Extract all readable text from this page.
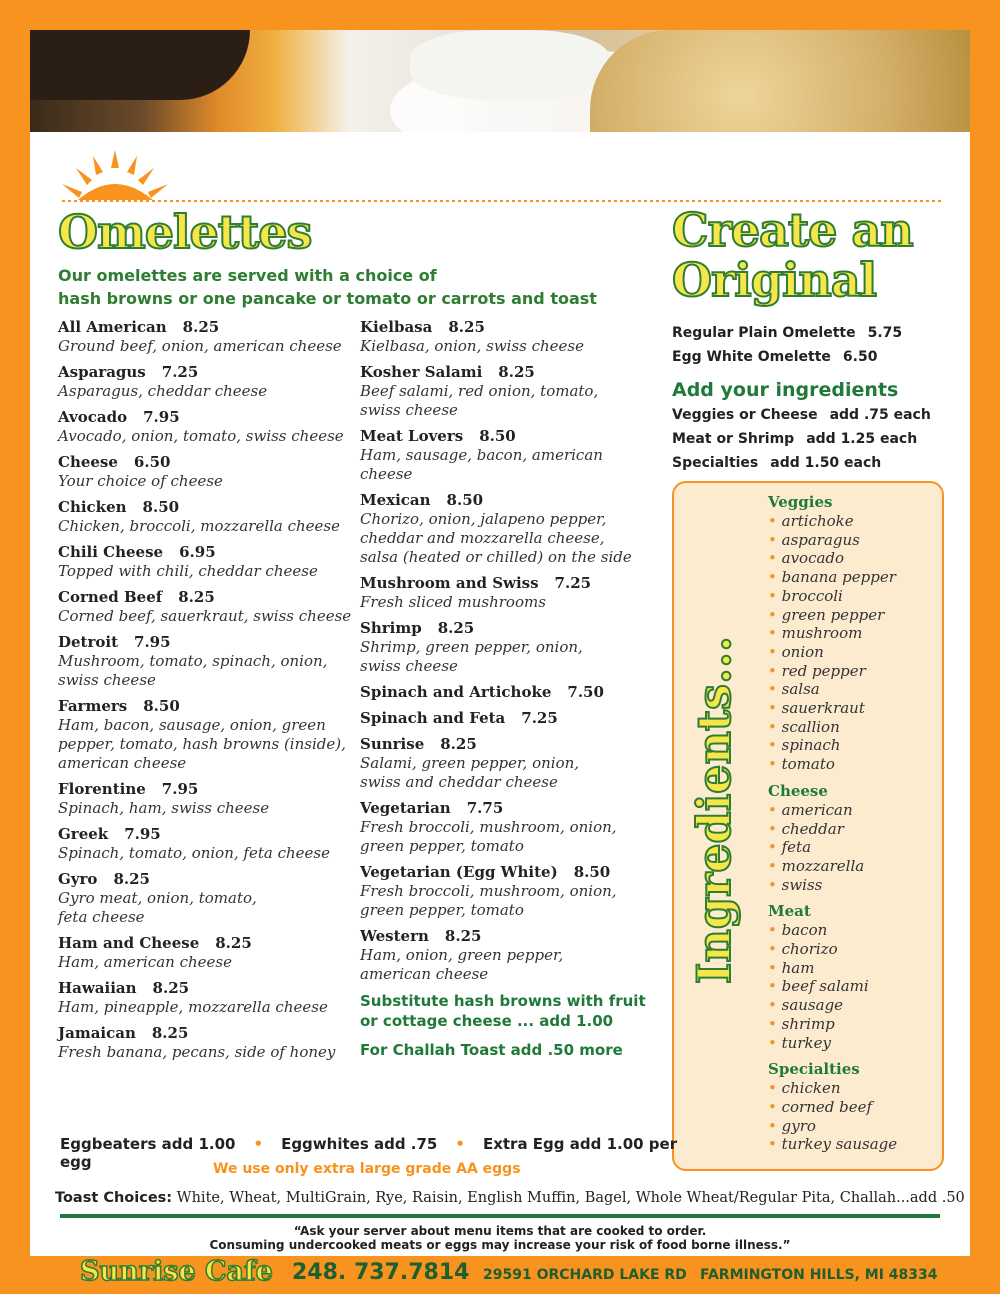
Omelettes
Our omelettes are served with a choice of
hash browns or one pancake or tomato or carrots and toast
All American 8.25
Ground beef, onion, american cheese
Asparagus 7.25
Asparagus, cheddar cheese
Avocado 7.95
Avocado, onion, tomato, swiss cheese
Cheese 6.50
Your choice of cheese
Chicken 8.50
Chicken, broccoli, mozzarella cheese
Chili Cheese 6.95
Topped with chili, cheddar cheese
Corned Beef 8.25
Corned beef, sauerkraut, swiss cheese
Detroit 7.95
Mushroom, tomato, spinach, onion,
swiss cheese
Farmers 8.50
Ham, bacon, sausage, onion, green
pepper, tomato, hash browns (inside),
american cheese
Florentine 7.95
Spinach, ham, swiss cheese
Greek 7.95
Spinach, tomato, onion, feta cheese
Gyro 8.25
Gyro meat, onion, tomato,
feta cheese
Ham and Cheese 8.25
Ham, american cheese
Hawaiian 8.25
Ham, pineapple, mozzarella cheese
Jamaican 8.25
Fresh banana, pecans, side of honey
Kielbasa 8.25
Kielbasa, onion, swiss cheese
Kosher Salami 8.25
Beef salami, red onion, tomato,
swiss cheese
Meat Lovers 8.50
Ham, sausage, bacon, american cheese
Mexican 8.50
Chorizo, onion, jalapeno pepper,
cheddar and mozzarella cheese,
salsa (heated or chilled) on the side
Mushroom and Swiss 7.25
Fresh sliced mushrooms
Shrimp 8.25
Shrimp, green pepper, onion,
swiss cheese
Spinach and Artichoke 7.50
Spinach and Feta 7.25
Sunrise 8.25
Salami, green pepper, onion,
swiss and cheddar cheese
Vegetarian 7.75
Fresh broccoli, mushroom, onion,
green pepper, tomato
Vegetarian (Egg White) 8.50
Fresh broccoli, mushroom, onion,
green pepper, tomato
Western 8.25
Ham, onion, green pepper,
american cheese
Substitute hash browns with fruit
or cottage cheese ... add 1.00
For Challah Toast add .50 more
Create an
Original
Regular Plain Omelette 5.75
Egg White Omelette 6.50
Add your ingredients
Veggies or Cheese add .75 each
Meat or Shrimp add 1.25 each
Specialties add 1.50 each
Ingredients...
Veggies
• artichoke
• asparagus
• avocado
• banana pepper
• broccoli
• green pepper
• mushroom
• onion
• red pepper
• salsa
• sauerkraut
• scallion
• spinach
• tomato
Cheese
• american
• cheddar
• feta
• mozzarella
• swiss
Meat
• bacon
• chorizo
• ham
• beef salami
• sausage
• shrimp
• turkey
Specialties
• chicken
• corned beef
• gyro
• turkey sausage
Eggbeaters add 1.00 • Eggwhites add .75 • Extra Egg add 1.00 per egg	We use only extra large grade AA eggs
Toast Choices: White, Wheat, MultiGrain, Rye, Raisin, English Muffin, Bagel, Whole Wheat/Regular Pita, Challah...add .50
“Ask your server about menu items that are cooked to order.
Consuming undercooked meats or eggs may increase your risk of food borne illness.”
Sunrise Cafe 248. 737.7814 29591 ORCHARD LAKE RD FARMINGTON HILLS, MI 48334
